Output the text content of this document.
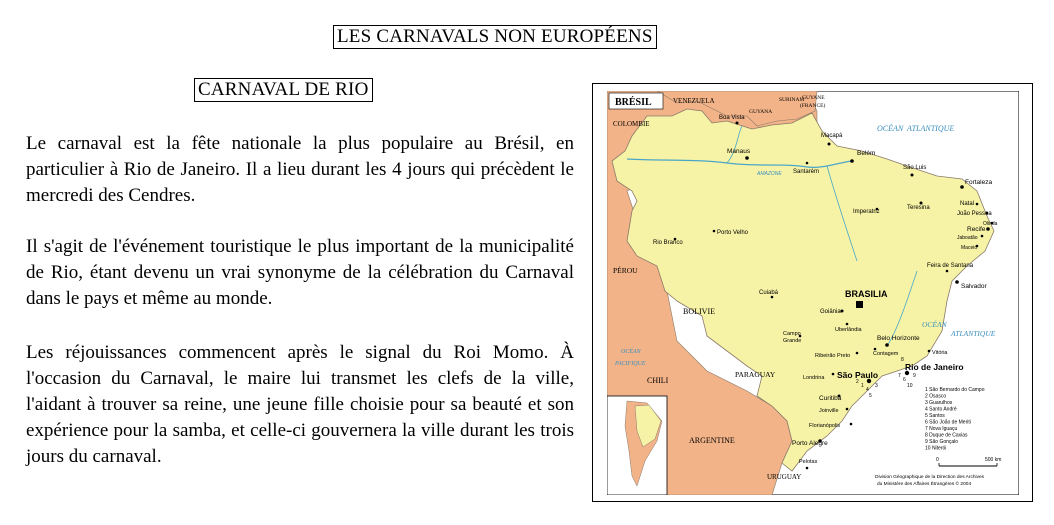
LES CARNAVALS NON EUROPÉENS
CARNAVAL DE RIO

Le carnaval est la fête nationale la plus populaire au Brésil, en particulier à Rio de Janeiro. Il a lieu durant les 4 jours qui précèdent le mercredi des Cendres.

Il s'agit de l'événement touristique le plus important de la municipalité de Rio, étant devenu un vrai synonyme de la célébration du Carnaval dans le pays et même au monde.

Les réjouissances commencent après le signal du Roi Momo. À l'occasion du Carnaval, le maire lui transmet les clefs de la ville, l'aidant à trouver sa reine, une jeune fille choisie pour sa beauté et son expérience pour la samba, et celle-ci gouvernera la ville durant les trois jours du carnaval.

BRÉSIL	VENEZUELA
GUYANA
SURINAM
GUYANE
(FRANCE)
COLOMBIE
PÉROU
BOLIVIE
PARAGUAY
CHILI
ARGENTINE
URUGUAY
OCÉAN ATLANTIQUE
OCÉAN
ATLANTIQUE
OCÉAN
PACIFIQUE
AMAZONE
Boa Vista
Macapá
Manaus
Santarém
Belém
São Luis
Fortaleza
Natal
João Pessoa
Olinda
Recife
Jaboatão
Maceió
Teresina
Imperatriz
Porto Velho
Rio Branco
Feira de Santana
Salvador
Cuiabá	BRASILIA
Goiânia
Uberlândia
Campo
Grande	Belo Horizonte
Contagem	Vitória
Ribeirão Preto
Londrina São Paulo
Rio de Janeiro
Curitiba
Joinville
Florianópolis
Porto Alegre
Pelotas
1
2
3
4
5
6
7
8
9
10
1 São Bernardo do Campo
2 Osasco
3 Guarulhos
4 Santo André
5 Santos
6 São João de Meriti
7 Nova Iguaçu
8 Duque de Caxias
9 São Gonçalo
10 Niterói
0	500 km
Division Géographique de la Direction des Archives
du Ministère des Affaires Étrangères © 2004
